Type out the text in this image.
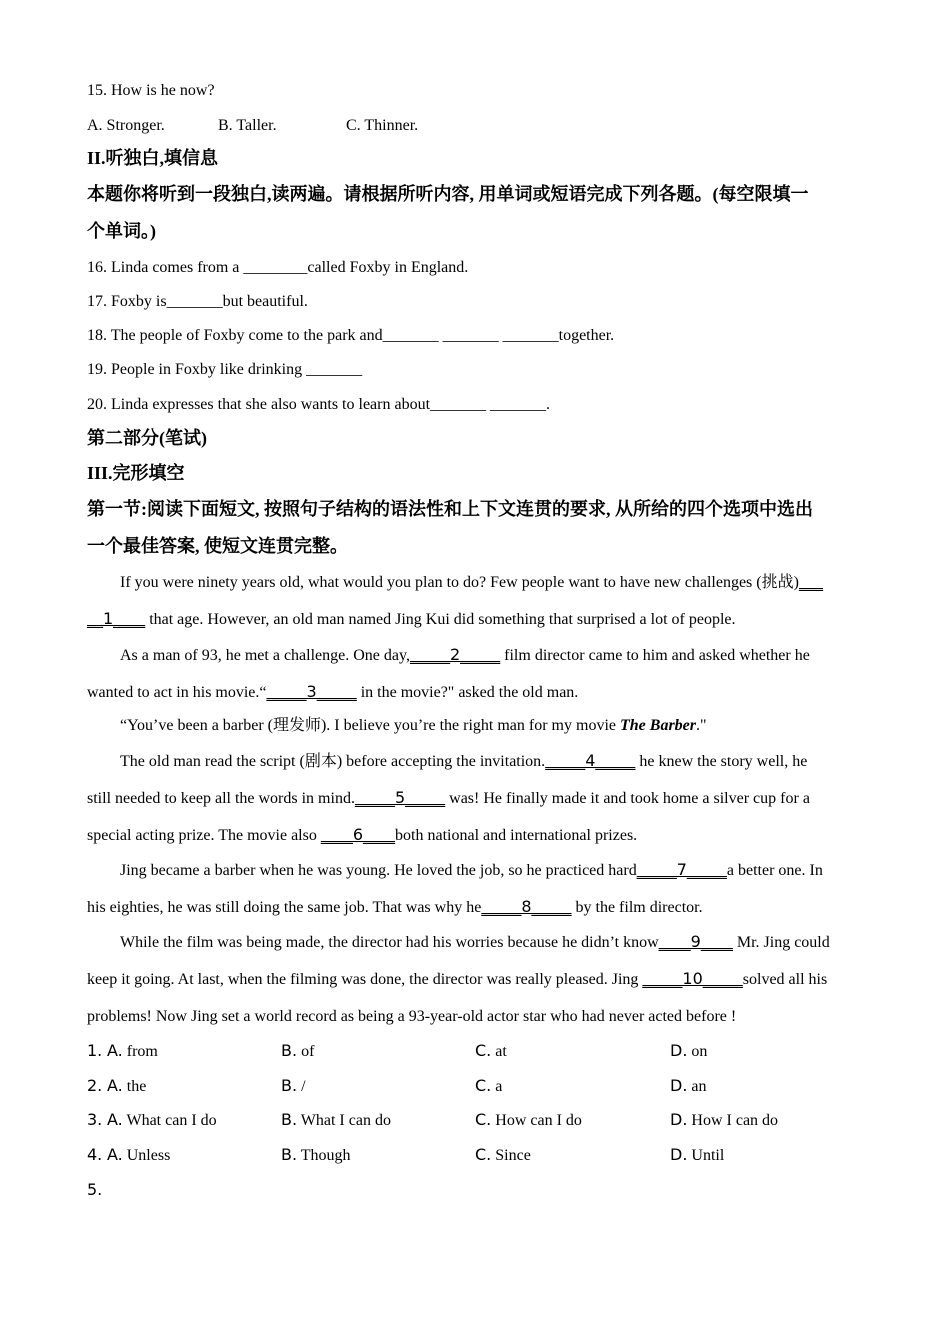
15. How is he now?
A. Stronger.	B. Taller.	C. Thinner.
II.听独白,填信息
本题你将听到一段独白,读两遍。请根据所听内容, 用单词或短语完成下列各题。(每空限填一
个单词。)
16. Linda comes from a ________called Foxby in England.
17. Foxby is_______but beautiful.
18. The people of Foxby come to the park and_______ _______ _______together.
19. People in Foxby like drinking _______
20. Linda expresses that she also wants to learn about_______ _______.
第二部分(笔试)
III.完形填空
第一节:阅读下面短文, 按照句子结构的语法性和上下文连贯的要求, 从所给的四个选项中选出
一个最佳答案, 使短文连贯完整。
If you were ninety years old, what would you plan to do? Few people want to have new challenges (挑战)___
__1____ that age. However, an old man named Jing Kui did something that surprised a lot of people.
As a man of 93, he met a challenge. One day,_____2_____ film director came to him and asked whether he
wanted to act in his movie.“_____3_____ in the movie?" asked the old man.
“You’ve been a barber (理发师). I believe you’re the right man for my movie The Barber."
The old man read the script (剧本) before accepting the invitation._____4_____ he knew the story well, he
still needed to keep all the words in mind._____5_____ was! He finally made it and took home a silver cup for a
special acting prize. The movie also ____6____both national and international prizes.
Jing became a barber when he was young. He loved the job, so he practiced hard_____7_____a better one. In
his eighties, he was still doing the same job. That was why he_____8_____ by the film director.
While the film was being made, the director had his worries because he didn’t know____9____ Mr. Jing could
keep it going. At last, when the filming was done, the director was really pleased. Jing _____10_____solved all his
problems! Now Jing set a world record as being a 93-year-old actor star who had never acted before !
1. A. from	B. of	C. at	D. on
2. A. the	B. /	C. a	D. an
3. A. What can I do	B. What I can do	C. How can I do	D. How I can do
4. A. Unless	B. Though	C. Since	D. Until
5.
